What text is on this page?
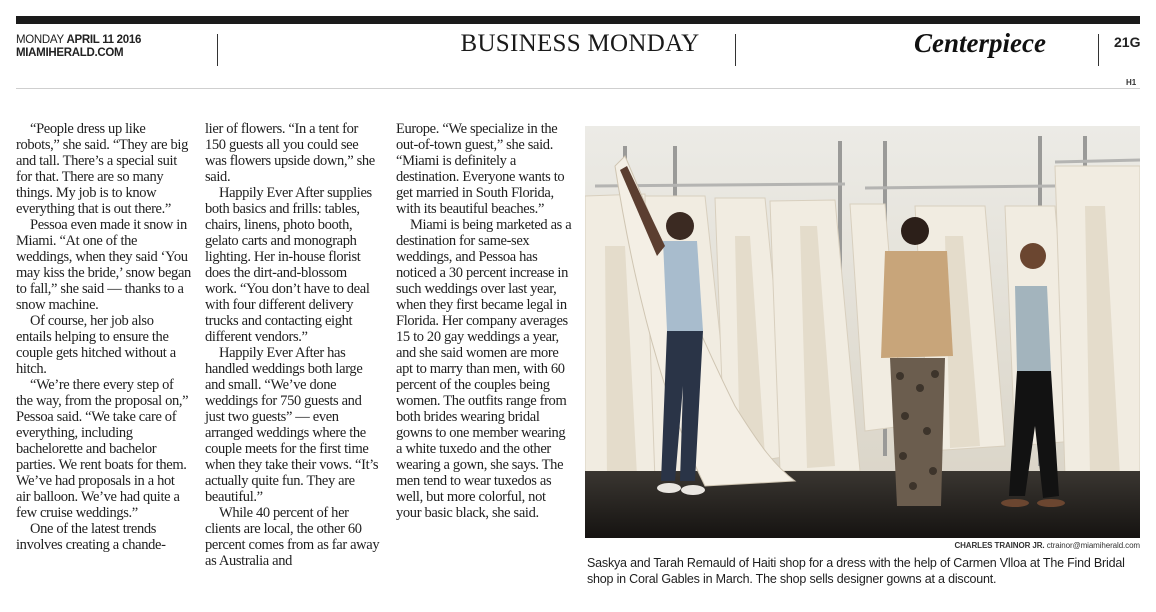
MONDAY APRIL 11 2016
MIAMIHERALD.COM	BUSINESS MONDAY	Centerpiece	21G
H1

“People dress up like robots,” she said. “They are big and tall. There’s a special suit for that. There are so many things. My job is to know everything that is out there.”

Pessoa even made it snow in Miami. “At one of the weddings, when they said ‘You may kiss the bride,’ snow began to fall,” she said — thanks to a snow machine.

Of course, her job also entails helping to ensure the couple gets hitched without a hitch.

“We’re there every step of the way, from the proposal on,” Pessoa said. “We take care of everything, including bachelorette and bachelor parties. We rent boats for them. We’ve had proposals in a hot air balloon. We’ve had quite a few cruise weddings.”

One of the latest trends involves creating a chande-

lier of flowers. “In a tent for 150 guests all you could see was flowers upside down,” she said.

Happily Ever After supplies both basics and frills: tables, chairs, linens, photo booth, gelato carts and monograph lighting. Her in-house florist does the dirt-and-blossom work. “You don’t have to deal with four different delivery trucks and contacting eight different vendors.”

Happily Ever After has handled weddings both large and small. “We’ve done weddings for 750 guests and just two guests” — even arranged weddings where the couple meets for the first time when they take their vows. “It’s actually quite fun. They are beautiful.”

While 40 percent of her clients are local, the other 60 percent comes from as far away as Australia and

Europe. “We specialize in the out-of-town guest,” she said. “Miami is definitely a destination. Everyone wants to get married in South Florida, with its beautiful beaches.”

Miami is being marketed as a destination for same-sex weddings, and Pessoa has noticed a 30 percent increase in such weddings over last year, when they first became legal in Florida. Her company averages 15 to 20 gay weddings a year, and she said women are more apt to marry than men, with 60 percent of the couples being women. The outfits range from both brides wearing bridal gowns to one member wearing a white tuxedo and the other wearing a gown, she says. The men tend to wear tuxedos as well, but more colorful, not your basic black, she said.

CHARLES TRAINOR JR. ctrainor@miamiherald.com
Saskya and Tarah Remauld of Haiti shop for a dress with the help of Carmen Vlloa at The Find Bridal shop in Coral Gables in March. The shop sells designer gowns at a discount.
